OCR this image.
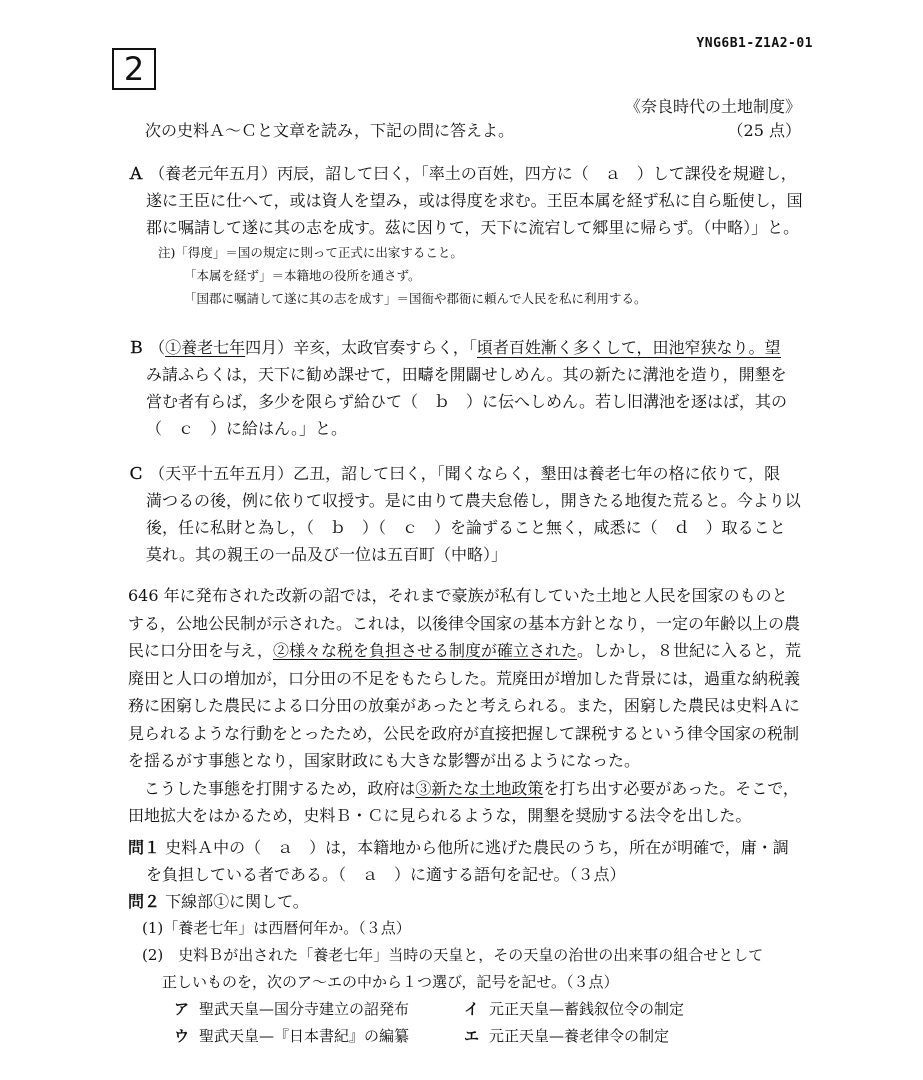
YNG6B1-Z1A2-01
2
《奈良時代の土地制度》
次の史料Ａ～Ｃと文章を読み，下記の問に答えよ。	（25 点）
Ａ （養老元年五月）丙辰，詔して曰く，「率土の百姓，四方に（　ａ　）して課役を規避し，
遂に王臣に仕へて，或は資人を望み，或は得度を求む。王臣本属を経ず私に自ら駈使し，国
郡に嘱請して遂に其の志を成す。茲に因りて，天下に流宕して郷里に帰らず。（中略）」と。
注)「得度」＝国の規定に則って正式に出家すること。
「本属を経ず」＝本籍地の役所を通さず。
「国郡に嘱請して遂に其の志を成す」＝国衙や郡衙に頼んで人民を私に利用する。
Ｂ （①養老七年四月）辛亥，太政官奏すらく，「頃者百姓漸く多くして，田池窄狭なり。望
み請ふらくは，天下に勧め課せて，田疇を開闢せしめん。其の新たに溝池を造り，開墾を
営む者有らば，多少を限らず給ひて（　ｂ　）に伝へしめん。若し旧溝池を逐はば，其の
（　ｃ　）に給はん。」と。
Ｃ （天平十五年五月）乙丑，詔して曰く，「聞くならく，墾田は養老七年の格に依りて，限
満つるの後，例に依りて収授す。是に由りて農夫怠倦し，開きたる地復た荒ると。今より以
後，任に私財と為し，（　ｂ　）（　ｃ　）を論ずること無く，咸悉に（　ｄ　）取ること
莫れ。其の親王の一品及び一位は五百町（中略）」
646 年に発布された改新の詔では，それまで豪族が私有していた土地と人民を国家のものと
する，公地公民制が示された。これは，以後律令国家の基本方針となり，一定の年齢以上の農
民に口分田を与え，②様々な税を負担させる制度が確立された。しかし，８世紀に入ると，荒
廃田と人口の増加が，口分田の不足をもたらした。荒廃田が増加した背景には，過重な納税義
務に困窮した農民による口分田の放棄があったと考えられる。また，困窮した農民は史料Ａに
見られるような行動をとったため，公民を政府が直接把握して課税するという律令国家の税制
を揺るがす事態となり，国家財政にも大きな影響が出るようになった。
こうした事態を打開するため，政府は③新たな土地政策を打ち出す必要があった。そこで，
田地拡大をはかるため，史料Ｂ・Ｃに見られるような，開墾を奨励する法令を出した。
問１ 史料Ａ中の（　ａ　）は，本籍地から他所に逃げた農民のうち，所在が明確で，庸・調
を負担している者である。（　ａ　）に適する語句を記せ。（３点）
問２ 下線部①に関して。
(1)「養老七年」は西暦何年か。（３点）
(2)　史料Ｂが出された「養老七年」当時の天皇と，その天皇の治世の出来事の組合せとして
正しいものを，次のア～エの中から１つ選び，記号を記せ。（３点）
ア 聖武天皇—国分寺建立の詔発布	イ 元正天皇—蓄銭叙位令の制定
ウ 聖武天皇—『日本書紀』の編纂	エ 元正天皇—養老律令の制定
